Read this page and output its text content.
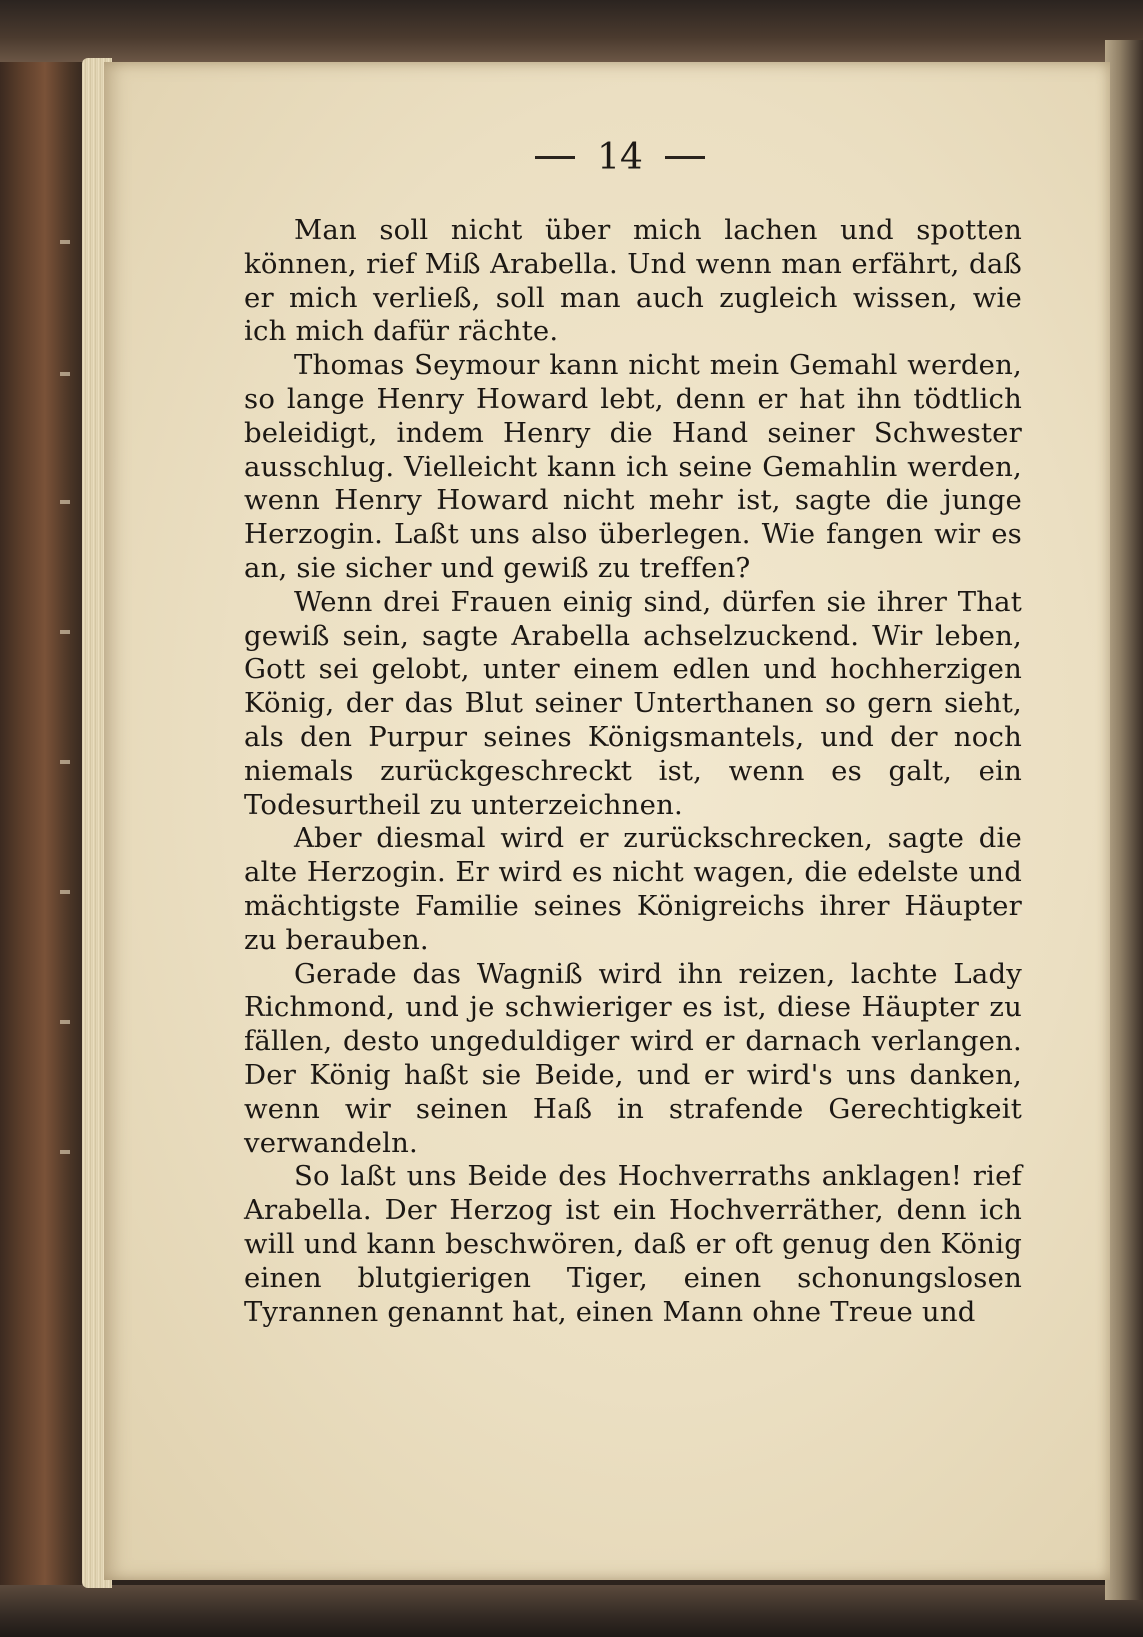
14

Man soll nicht über mich lachen und spotten können, rief Miß Arabella. Und wenn man erfährt, daß er mich verließ, soll man auch zugleich wissen, wie ich mich dafür rächte.

Thomas Seymour kann nicht mein Gemahl werden, so lange Henry Howard lebt, denn er hat ihn tödtlich beleidigt, indem Henry die Hand seiner Schwester ausschlug. Vielleicht kann ich seine Gemahlin werden, wenn Henry Howard nicht mehr ist, sagte die junge Herzogin. Laßt uns also überlegen. Wie fangen wir es an, sie sicher und gewiß zu treffen?

Wenn drei Frauen einig sind, dürfen sie ihrer That gewiß sein, sagte Arabella achselzuckend. Wir leben, Gott sei gelobt, unter einem edlen und hochherzigen König, der das Blut seiner Unterthanen so gern sieht, als den Purpur seines Königsmantels, und der noch niemals zurückgeschreckt ist, wenn es galt, ein Todesurtheil zu unterzeichnen.

Aber diesmal wird er zurückschrecken, sagte die alte Herzogin. Er wird es nicht wagen, die edelste und mächtigste Familie seines Königreichs ihrer Häupter zu berauben.

Gerade das Wagniß wird ihn reizen, lachte Lady Richmond, und je schwieriger es ist, diese Häupter zu fällen, desto ungeduldiger wird er darnach verlangen. Der König haßt sie Beide, und er wird's uns danken, wenn wir seinen Haß in strafende Gerechtigkeit verwandeln.

So laßt uns Beide des Hochverraths anklagen! rief Arabella. Der Herzog ist ein Hochverräther, denn ich will und kann beschwören, daß er oft genug den König einen blutgierigen Tiger, einen schonungslosen Tyrannen genannt hat, einen Mann ohne Treue und
